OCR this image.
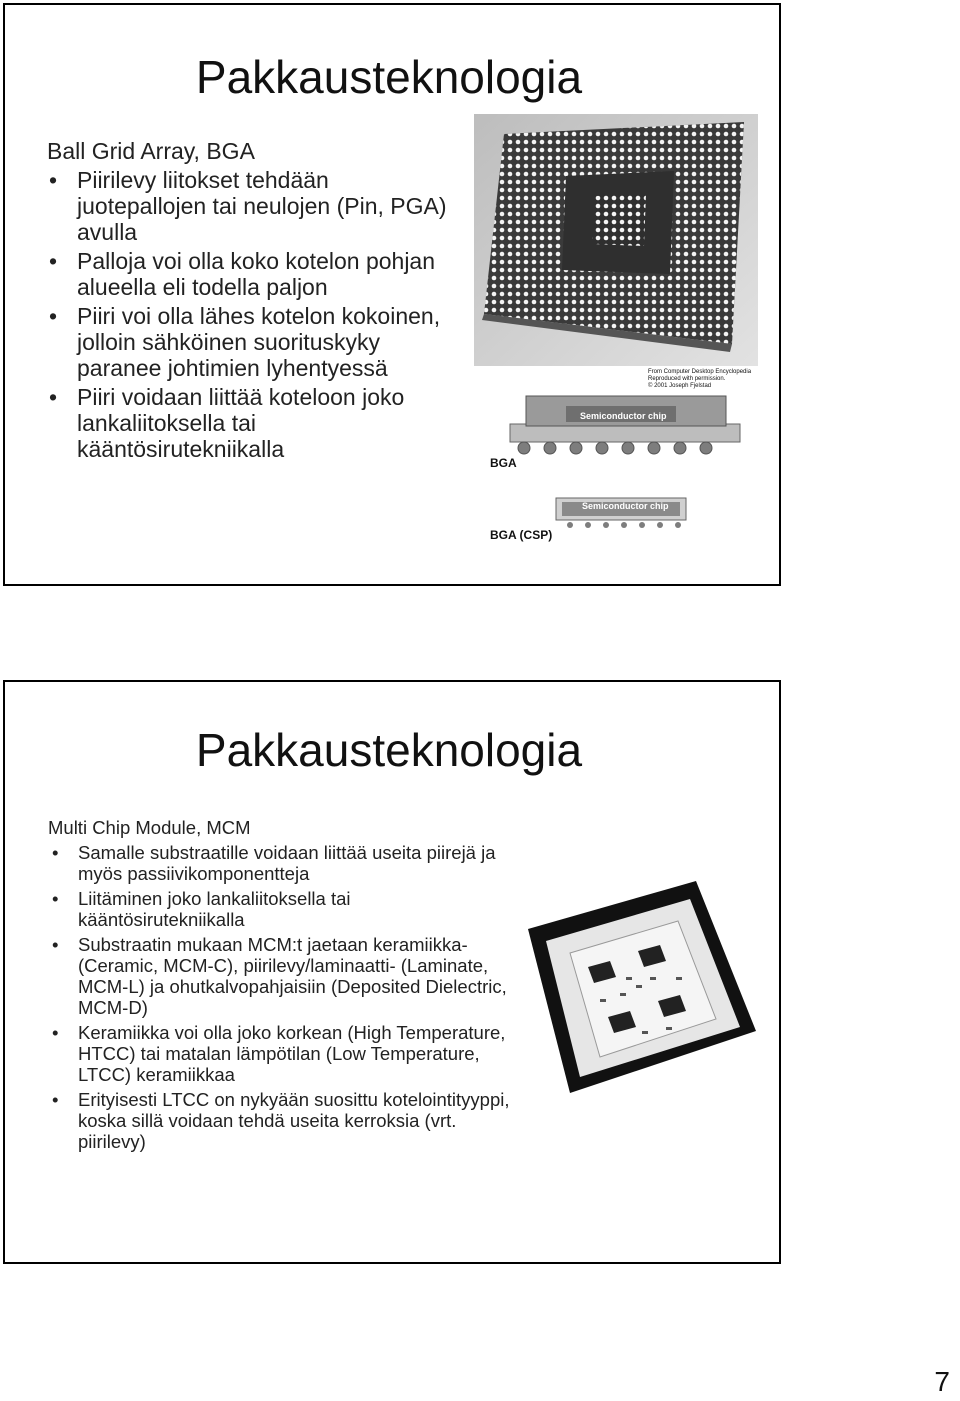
Pakkausteknologia

Ball Grid Array, BGA

• Piirilevy liitokset tehdään juotepallojen tai neulojen (Pin, PGA) avulla
• Palloja voi olla koko kotelon pohjan alueella eli todella paljon
• Piiri voi olla lähes kotelon kokoinen, jolloin sähköinen suorituskyky paranee johtimien lyhentyessä
• Piiri voidaan liittää koteloon joko lankaliitoksella tai kääntösirutekniikalla
Semiconductor chip
Semiconductor chip
BGA
BGA (CSP)
From Computer Desktop Encyclopedia
Reproduced with permission.
© 2001 Joseph Fjelstad
Pakkausteknologia

Multi Chip Module, MCM

• Samalle substraatille voidaan liittää useita piirejä ja myös passiivikomponentteja
• Liitäminen joko lankaliitoksella tai kääntösirutekniikalla
• Substraatin mukaan MCM:t jaetaan keramiikka- (Ceramic, MCM-C), piirilevy/laminaatti- (Laminate, MCM-L) ja ohutkalvopahjaisiin (Deposited Dielectric, MCM-D)
• Keramiikka voi olla joko korkean (High Temperature, HTCC) tai matalan lämpötilan (Low Temperature, LTCC) keramiikkaa
• Erityisesti LTCC on nykyään suosittu kotelointityyppi, koska sillä voidaan tehdä useita kerroksia (vrt. piirilevy)
7
